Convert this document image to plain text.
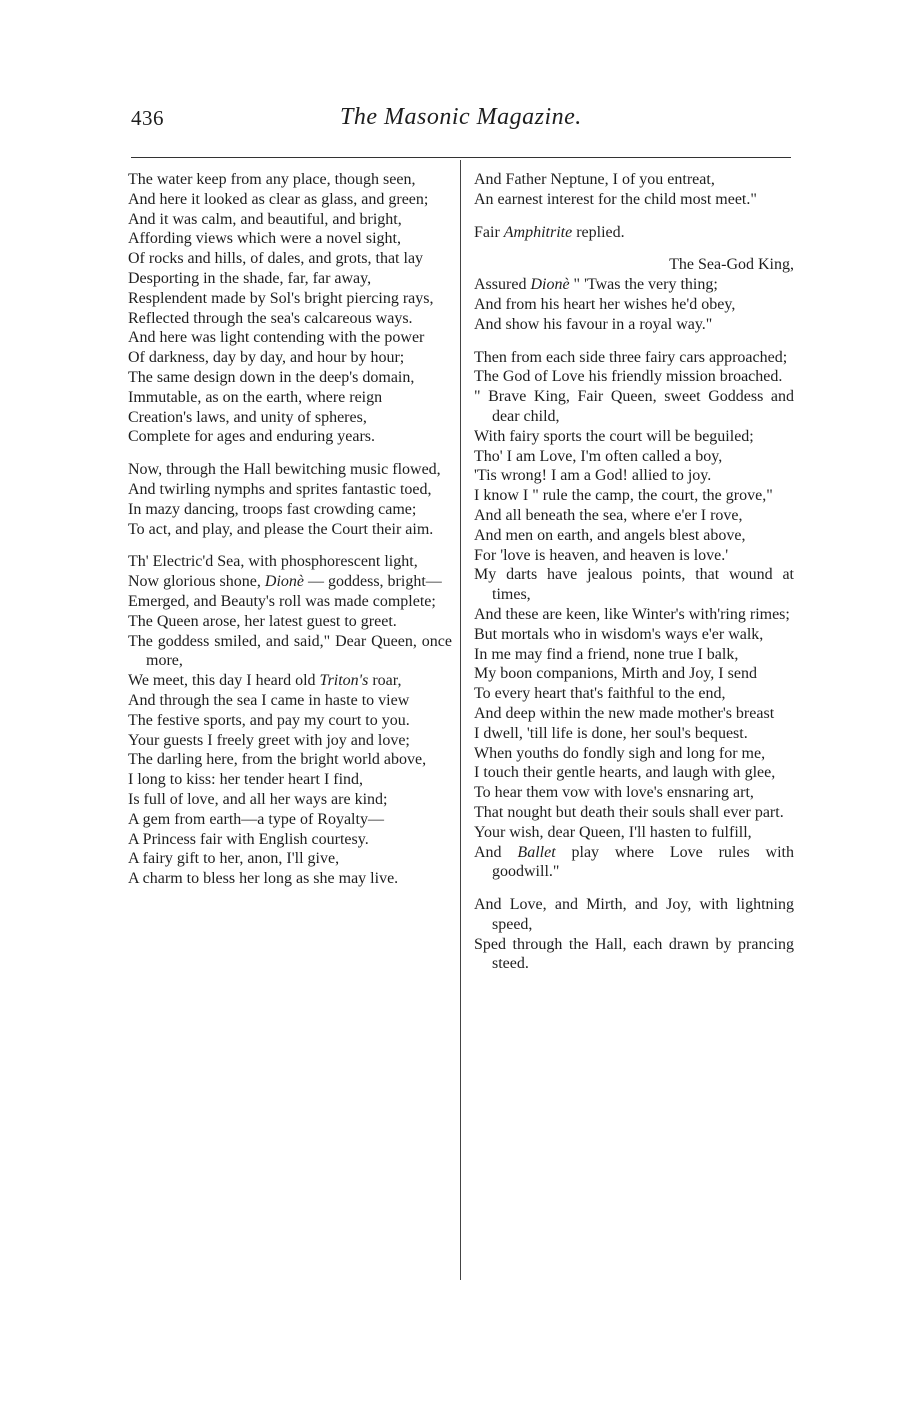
436	The Masonic Magazine.
The water keep from any place, though seen,
And here it looked as clear as glass, and green;
And it was calm, and beautiful, and bright,
Affording views which were a novel sight,
Of rocks and hills, of dales, and grots, that lay
Desporting in the shade, far, far away,
Resplendent made by Sol's bright piercing rays,
Reflected through the sea's calcareous ways.
And here was light contending with the power
Of darkness, day by day, and hour by hour;
The same design down in the deep's domain,
Immutable, as on the earth, where reign
Creation's laws, and unity of spheres,
Complete for ages and enduring years.
Now, through the Hall bewitching music flowed,
And twirling nymphs and sprites fantastic toed,
In mazy dancing, troops fast crowding came;
To act, and play, and please the Court their aim.
Th' Electric'd Sea, with phosphorescent light,
Now glorious shone, Dionè — goddess, bright—
Emerged, and Beauty's roll was made complete;
The Queen arose, her latest guest to greet.
The goddess smiled, and said," Dear Queen, once more,
We meet, this day I heard old Triton's roar,
And through the sea I came in haste to view
The festive sports, and pay my court to you.
Your guests I freely greet with joy and love;
The darling here, from the bright world above,
I long to kiss: her tender heart I find,
Is full of love, and all her ways are kind;
A gem from earth—a type of Royalty—
A Princess fair with English courtesy.
A fairy gift to her, anon, I'll give,
A charm to bless her long as she may live.
And Father Neptune, I of you entreat,
An earnest interest for the child most meet."
Fair Amphitrite replied.
The Sea-God King,
Assured Dionè " 'Twas the very thing;
And from his heart her wishes he'd obey,
And show his favour in a royal way."
Then from each side three fairy cars approached;
The God of Love his friendly mission broached.
" Brave King, Fair Queen, sweet Goddess and dear child,
With fairy sports the court will be beguiled;
Tho' I am Love, I'm often called a boy,
'Tis wrong! I am a God! allied to joy.
I know I " rule the camp, the court, the grove,"
And all beneath the sea, where e'er I rove,
And men on earth, and angels blest above,
For 'love is heaven, and heaven is love.'
My darts have jealous points, that wound at times,
And these are keen, like Winter's with'ring rimes;
But mortals who in wisdom's ways e'er walk,
In me may find a friend, none true I balk,
My boon companions, Mirth and Joy, I send
To every heart that's faithful to the end,
And deep within the new made mother's breast
I dwell, 'till life is done, her soul's bequest.
When youths do fondly sigh and long for me,
I touch their gentle hearts, and laugh with glee,
To hear them vow with love's ensnaring art,
That nought but death their souls shall ever part.
Your wish, dear Queen, I'll hasten to fulfill,
And Ballet play where Love rules with goodwill."
And Love, and Mirth, and Joy, with lightning speed,
Sped through the Hall, each drawn by prancing steed.
